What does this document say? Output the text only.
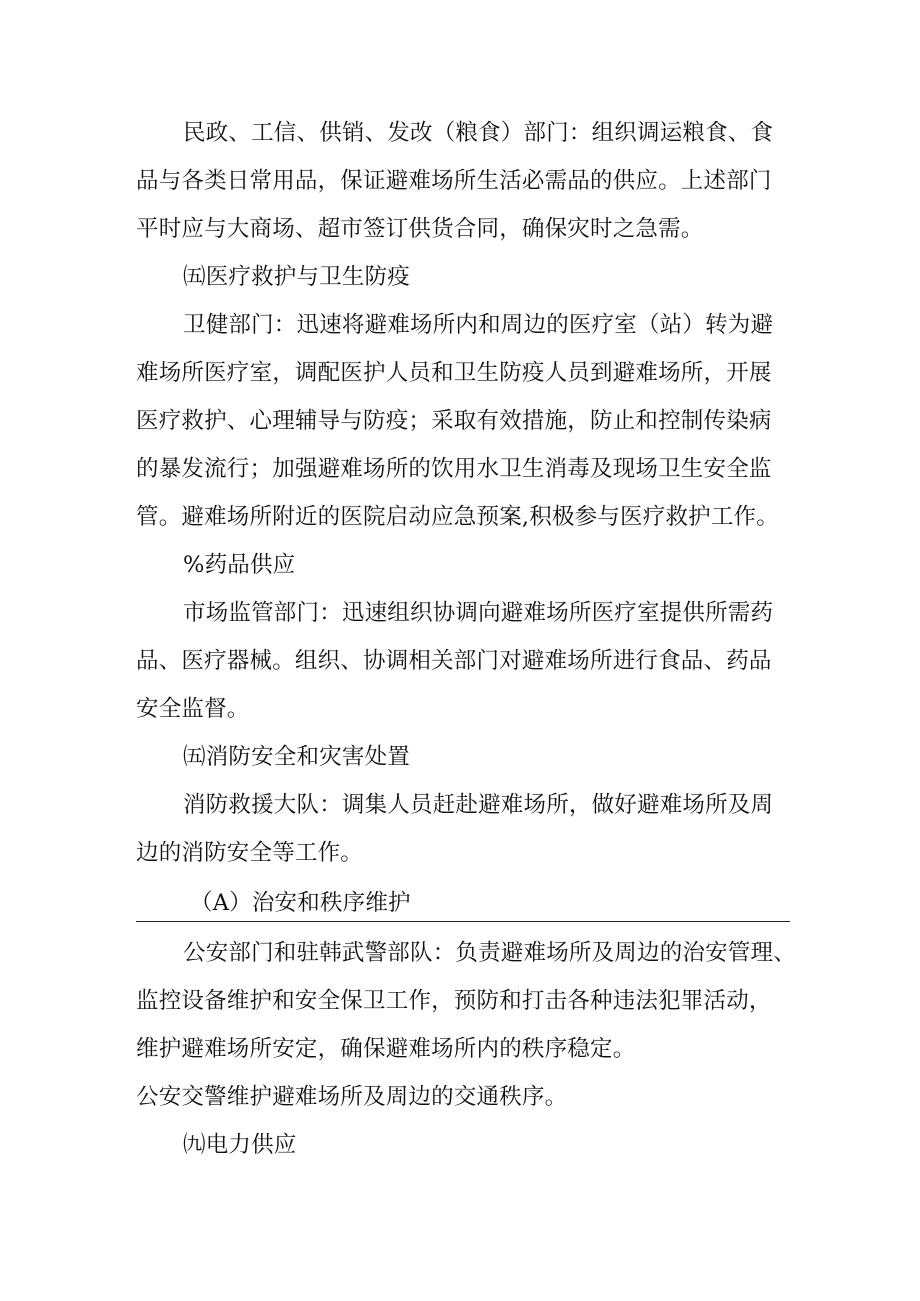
民政、工信、供销、发改（粮食）部门：组织调运粮食、食
品与各类日常用品，保证避难场所生活必需品的供应。上述部门
平时应与大商场、超市签订供货合同，确保灾时之急需。
㈤医疗救护与卫生防疫
卫健部门：迅速将避难场所内和周边的医疗室（站）转为避
难场所医疗室，调配医护人员和卫生防疫人员到避难场所，开展
医疗救护、心理辅导与防疫；采取有效措施，防止和控制传染病
的暴发流行；加强避难场所的饮用水卫生消毒及现场卫生安全监
管。避难场所附近的医院启动应急预案,积极参与医疗救护工作。
%药品供应
市场监管部门：迅速组织协调向避难场所医疗室提供所需药
品、医疗器械。组织、协调相关部门对避难场所进行食品、药品
安全监督。
㈤消防安全和灾害处置
消防救援大队：调集人员赶赴避难场所，做好避难场所及周
边的消防安全等工作。
（A）治安和秩序维护
公安部门和驻韩武警部队：负责避难场所及周边的治安管理、
监控设备维护和安全保卫工作，预防和打击各种违法犯罪活动，
维护避难场所安定，确保避难场所内的秩序稳定。
公安交警维护避难场所及周边的交通秩序。
㈨电力供应
